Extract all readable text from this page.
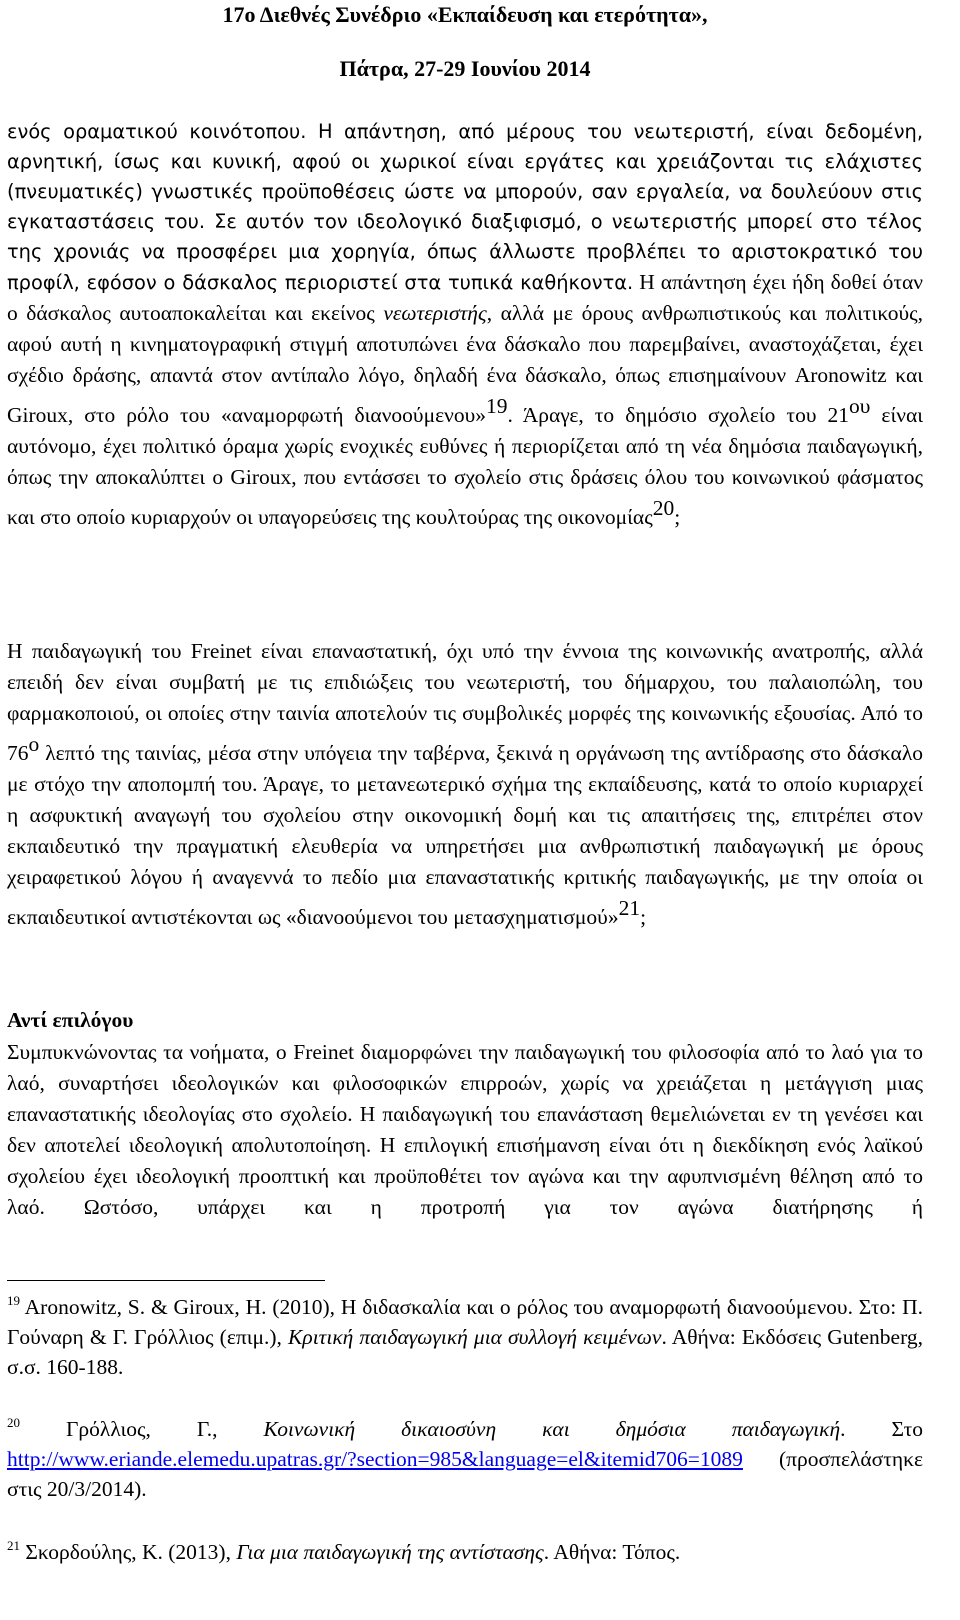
17ο Διεθνές Συνέδριο «Εκπαίδευση και ετερότητα»,
Πάτρα, 27-29 Ιουνίου 2014
ενός οραματικού κοινότοπου. Η απάντηση, από μέρους του νεωτεριστή, είναι δεδομένη, αρνητική, ίσως και κυνική, αφού οι χωρικοί είναι εργάτες και χρειάζονται τις ελάχιστες (πνευματικές) γνωστικές προϋποθέσεις ώστε να μπορούν, σαν εργαλεία, να δουλεύουν στις εγκαταστάσεις του. Σε αυτόν τον ιδεολογικό διαξιφισμό, ο νεωτεριστής μπορεί στο τέλος της χρονιάς να προσφέρει μια χορηγία, όπως άλλωστε προβλέπει το αριστοκρατικό του προφίλ, εφόσον ο δάσκαλος περιοριστεί στα τυπικά καθήκοντα. Η απάντηση έχει ήδη δοθεί όταν ο δάσκαλος αυτοαποκαλείται και εκείνος νεωτεριστής, αλλά με όρους ανθρωπιστικούς και πολιτικούς, αφού αυτή η κινηματογραφική στιγμή αποτυπώνει ένα δάσκαλο που παρεμβαίνει, αναστοχάζεται, έχει σχέδιο δράσης, απαντά στον αντίπαλο λόγο, δηλαδή ένα δάσκαλο, όπως επισημαίνουν Aronowitz και Giroux, στο ρόλο του «αναμορφωτή διανοούμενου»$^{19}$. Άραγε, το δημόσιο σχολείο του $21^{o\upsilon}$ είναι αυτόνομο, έχει πολιτικό όραμα χωρίς ενοχικές ευθύνες ή περιορίζεται από τη νέα δημόσια παιδαγωγική, όπως την αποκαλύπτει ο Giroux, που εντάσσει το σχολείο στις δράσεις όλου του κοινωνικού φάσματος και στο οποίο κυριαρχούν οι υπαγορεύσεις της κουλτούρας της οικονομίας$^{20}$;
Η παιδαγωγική του Freinet είναι επαναστατική, όχι υπό την έννοια της κοινωνικής ανατροπής, αλλά επειδή δεν είναι συμβατή με τις επιδιώξεις του νεωτεριστή, του δήμαρχου, του παλαιοπώλη, του φαρμακοποιού, οι οποίες στην ταινία αποτελούν τις συμβολικές μορφές της κοινωνικής εξουσίας. Από το $76^o$ λεπτό της ταινίας, μέσα στην υπόγεια την ταβέρνα, ξεκινά η οργάνωση της αντίδρασης στο δάσκαλο με στόχο την αποπομπή του. Άραγε, το μετανεωτερικό σχήμα της εκπαίδευσης, κατά το οποίο κυριαρχεί η ασφυκτική αναγωγή του σχολείου στην οικονομική δομή και τις απαιτήσεις της, επιτρέπει στον εκπαιδευτικό την πραγματική ελευθερία να υπηρετήσει μια ανθρωπιστική παιδαγωγική με όρους χειραφετικού λόγου ή αναγεννά το πεδίο μια επαναστατικής κριτικής παιδαγωγικής, με την οποία οι εκπαιδευτικοί αντιστέκονται ως «διανοούμενοι του μετασχηματισμού»$^{21}$;
Αντί επιλόγου
Συμπυκνώνοντας τα νοήματα, ο Freinet διαμορφώνει την παιδαγωγική του φιλοσοφία από το λαό για το λαό, συναρτήσει ιδεολογικών και φιλοσοφικών επιρροών, χωρίς να χρειάζεται η μετάγγιση μιας επαναστατικής ιδεολογίας στο σχολείο. Η παιδαγωγική του επανάσταση θεμελιώνεται εν τη γενέσει και δεν αποτελεί ιδεολογική απολυτοποίηση. Η επιλογική επισήμανση είναι ότι η διεκδίκηση ενός λαϊκού σχολείου έχει ιδεολογική προοπτική και προϋποθέτει τον αγώνα και την αφυπνισμένη θέληση από το λαό. Ωστόσο, υπάρχει και η προτροπή για τον αγώνα διατήρησης ή
$^{19}$ Aronowitz, S. & Giroux, H. (2010), Η διδασκαλία και ο ρόλος του αναμορφωτή διανοούμενου. Στο: Π. Γούναρη & Γ. Γρόλλιος (επιμ.), Κριτική παιδαγωγική μια συλλογή κειμένων. Αθήνα: Εκδόσεις Gutenberg, σ.σ. 160-188.
$^{20}$ Γρόλλιος, Γ., Κοινωνική δικαιοσύνη και δημόσια παιδαγωγική. Στο http://www.eriande.elemedu.upatras.gr/?section=985&language=el&itemid706=1089 (προσπελάστηκε στις 20/3/2014).
$^{21}$ Σκορδούλης, Κ. (2013), Για μια παιδαγωγική της αντίστασης. Αθήνα: Τόπος.
